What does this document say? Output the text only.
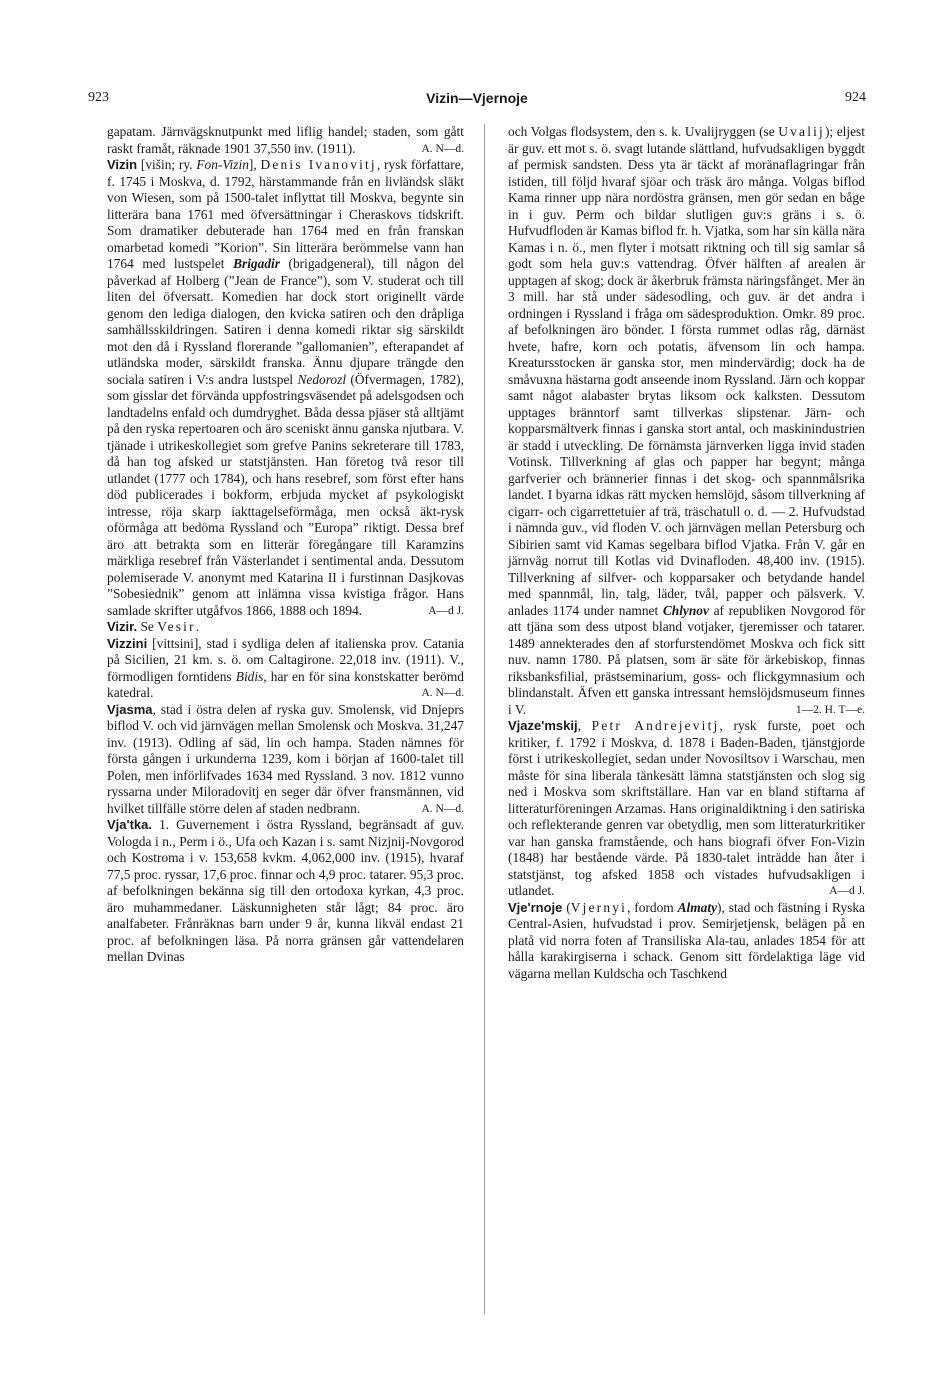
923	Vizin—Vjernoje	924

gapatam. Järnvägsknutpunkt med liflig handel; staden, som gått raskt framåt, räknade 1901 37,550 inv. (1911).	A. N—d.

Vizin [višin; ry. Fon-Vizin], Denis Ivanovitj, rysk författare, f. 1745 i Moskva, d. 1792, härstammande från en livländsk släkt von Wiesen, som på 1500-talet inflyttat till Moskva, begynte sin litterära bana 1761 med öfversättningar i Cheraskovs tidskrift. Som dramatiker debuterade han 1764 med en från franskan omarbetad komedi ”Korion”. Sin litterära berömmelse vann han 1764 med lustspelet Brigadir (brigadgeneral), till någon del påverkad af Holberg (”Jean de France”), som V. studerat och till liten del öfversatt. Komedien har dock stort originellt värde genom den lediga dialogen, den kvicka satiren och den dråpliga samhällsskildringen. Satiren i denna komedi riktar sig särskildt mot den då i Ryssland florerande ”gallomanien”, efterapandet af utländska moder, särskildt franska. Ännu djupare trängde den sociala satiren i V:s andra lustspel Nedorozl (Öfvermagen, 1782), som gisslar det förvända uppfostringsväsendet på adelsgodsen och landtadelns enfald och dumdryghet. Båda dessa pjäser stå alltjämt på den ryska repertoaren och äro sceniskt ännu ganska njutbara. V. tjänade i utrikeskollegiet som grefve Panins sekreterare till 1783, då han tog afsked ur statstjänsten. Han företog två resor till utlandet (1777 och 1784), och hans resebref, som först efter hans död publicerades i bokform, erbjuda mycket af psykologiskt intresse, röja skarp iakttagelseförmåga, men också äkt-rysk oförmåga att bedöma Ryssland och ”Europa” riktigt. Dessa bref äro att betrakta som en litterär föregångare till Karamzins märkliga resebref från Västerlandet i sentimental anda. Dessutom polemiserade V. anonymt med Katarina II i furstinnan Dasjkovas ”Sobesiednik” genom att inlämna vissa kvistiga frågor. Hans samlade skrifter utgåfvos 1866, 1888 och 1894.	A—d J.

Vizir. Se Vesir.

Vizzini [vittsini], stad i sydliga delen af italienska prov. Catania på Sicilien, 21 km. s. ö. om Caltagirone. 22,018 inv. (1911). V., förmodligen forntidens Bidis, har en för sina konstskatter berömd katedral.	A. N—d.

Vjasma, stad i östra delen af ryska guv. Smolensk, vid Dnjeprs biflod V. och vid järnvägen mellan Smolensk och Moskva. 31,247 inv. (1913). Odling af säd, lin och hampa. Staden nämnes för första gången i urkunderna 1239, kom i början af 1600-talet till Polen, men införlifvades 1634 med Ryssland. 3 nov. 1812 vunno ryssarna under Miloradovitj en seger där öfver fransmännen, vid hvilket tillfälle större delen af staden nedbrann.	A. N—d.

Vja'tka. 1. Guvernement i östra Ryssland, begränsadt af guv. Vologda i n., Perm i ö., Ufa och Kazan i s. samt Nizjnij-Novgorod och Kostroma i v. 153,658 kvkm. 4,062,000 inv. (1915), hvaraf 77,5 proc. ryssar, 17,6 proc. finnar och 4,9 proc. tatarer. 95,3 proc. af befolkningen bekänna sig till den ortodoxa kyrkan, 4,3 proc. äro muhammedaner. Läskunnigheten står lågt; 84 proc. äro analfabeter. Frånräknas barn under 9 år, kunna likväl endast 21 proc. af befolkningen läsa. På norra gränsen går vattendelaren mellan Dvinas

och Volgas flodsystem, den s. k. Uvalijryggen (se Uvalij); eljest är guv. ett mot s. ö. svagt lutande slättland, hufvudsakligen byggdt af permisk sandsten. Dess yta är täckt af moränaflagringar från istiden, till följd hvaraf sjöar och träsk äro många. Volgas biflod Kama rinner upp nära nordöstra gränsen, men gör sedan en båge in i guv. Perm och bildar slutligen guv:s gräns i s. ö. Hufvudfloden är Kamas biflod fr. h. Vjatka, som har sin källa nära Kamas i n. ö., men flyter i motsatt riktning och till sig samlar så godt som hela guv:s vattendrag. Öfver hälften af arealen är upptagen af skog; dock är åkerbruk främsta näringsfånget. Mer än 3 mill. har stå under sädesodling, och guv. är det andra i ordningen i Ryssland i fråga om sädesproduktion. Omkr. 89 proc. af befolkningen äro bönder. I första rummet odlas råg, därnäst hvete, hafre, korn och potatis, äfvensom lin och hampa. Kreatursstocken är ganska stor, men mindervärdig; dock ha de småvuxna hästarna godt anseende inom Ryssland. Järn och koppar samt något alabaster brytas liksom ock kalksten. Dessutom upptages bränntorf samt tillverkas slipstenar. Järn- och kopparsmältverk finnas i ganska stort antal, och maskinindustrien är stadd i utveckling. De förnämsta järnverken ligga invid staden Votinsk. Tillverkning af glas och papper har begynt; många garfverier och brännerier finnas i det skog- och spannmålsrika landet. I byarna idkas rätt mycken hemslöjd, såsom tillverkning af cigarr- och cigarrettetuier af trä, träschatull o. d. — 2. Hufvudstad i nämnda guv., vid floden V. och järnvägen mellan Petersburg och Sibirien samt vid Kamas segelbara biflod Vjatka. Från V. går en järnväg norrut till Kotlas vid Dvinafloden. 48,400 inv. (1915). Tillverkning af silfver- och kopparsaker och betydande handel med spannmål, lin, talg, läder, tvål, papper och pälsverk. V. anlades 1174 under namnet Chlynov af republiken Novgorod för att tjäna som dess utpost bland votjaker, tjeremisser och tatarer. 1489 annekterades den af storfurstendömet Moskva och fick sitt nuv. namn 1780. På platsen, som är säte för ärkebiskop, finnas riksbanksfilial, prästseminarium, goss- och flickgymnasium och blindanstalt. Äfven ett ganska intressant hemslöjdsmuseum finnes i V.	1—2. H. T—e.

Vjaze'mskij, Petr Andrejevitj, rysk furste, poet och kritiker, f. 1792 i Moskva, d. 1878 i Baden-Baden, tjänstgjorde först i utrikeskollegiet, sedan under Novosiltsov i Warschau, men måste för sina liberala tänkesätt lämna statstjänsten och slog sig ned i Moskva som skriftställare. Han var en bland stiftarna af litteraturföreningen Arzamas. Hans originaldiktning i den satiriska och reflekterande genren var obetydlig, men som litteraturkritiker var han ganska framstående, och hans biografi öfver Fon-Vizin (1848) har bestående värde. På 1830-talet inträdde han åter i statstjänst, tog afsked 1858 och vistades hufvudsakligen i utlandet.	A—d J.

Vje'rnoje (Vjernyi, fordom Almaty), stad och fästning i Ryska Central-Asien, hufvudstad i prov. Semirjetjensk, belägen på en platå vid norra foten af Transiliska Ala-tau, anlades 1854 för att hålla karakirgiserna i schack. Genom sitt fördelaktiga läge vid vägarna mellan Kuldscha och Taschkend
